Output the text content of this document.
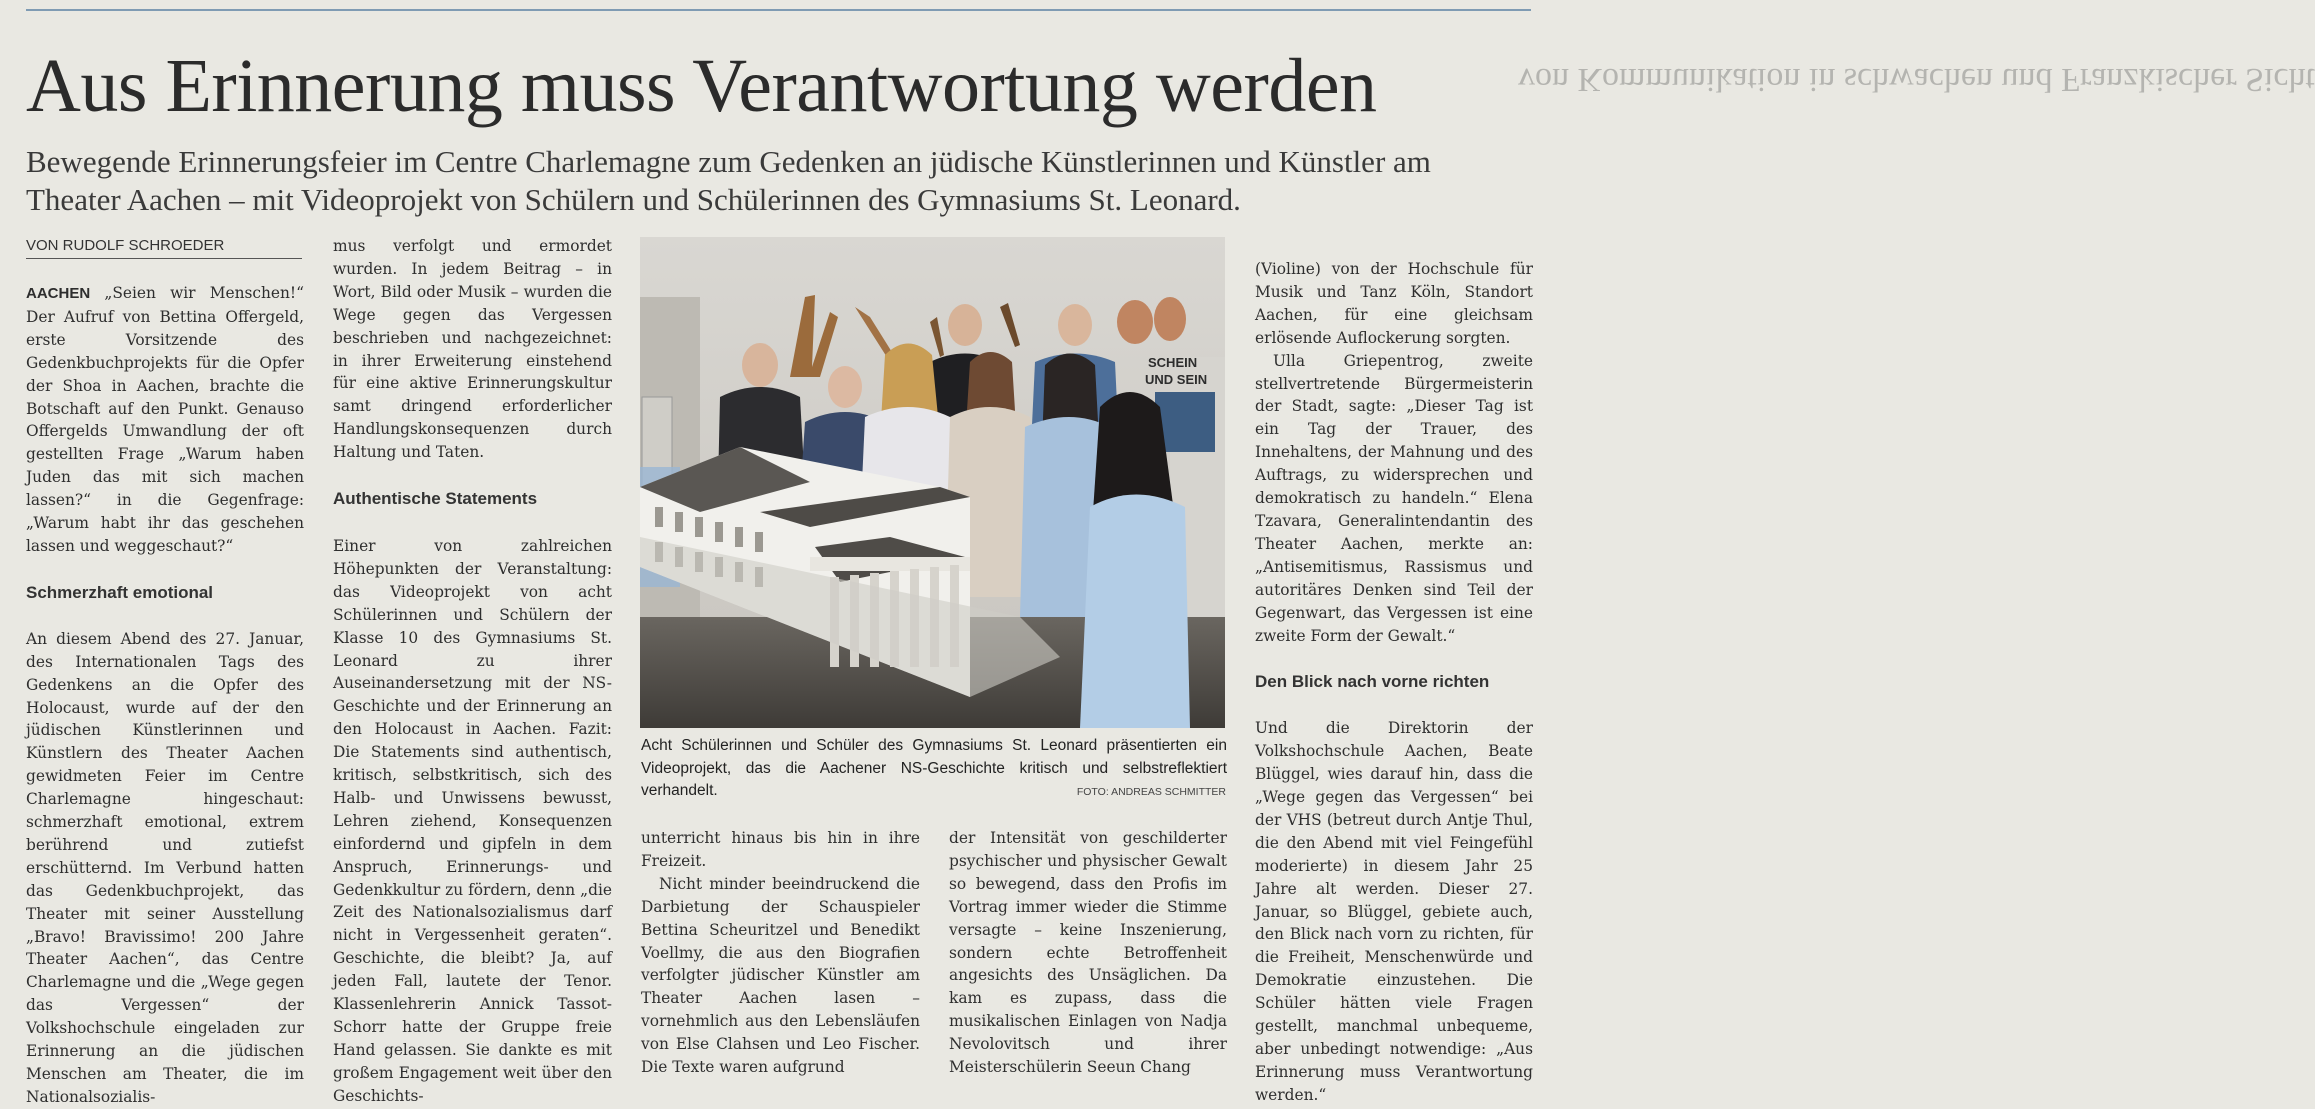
von Kommunikation in schwachen und Franzkischer Sicht
Aus Erinnerung muss Verantwortung werden
Bewegende Erinnerungsfeier im Centre Charlemagne zum Gedenken an jüdische Künstlerinnen und Künstler am Theater Aachen – mit Videoprojekt von Schülern und Schülerinnen des Gymnasiums St. Leonard.
VON RUDOLF SCHROEDER

AACHEN „Seien wir Menschen!“ Der Aufruf von Bettina Offergeld, erste Vorsitzende des Gedenkbuchprojekts für die Opfer der Shoa in Aachen, brachte die Botschaft auf den Punkt. Genauso Offergelds Umwandlung der oft gestellten Frage „Warum haben Juden das mit sich machen lassen?“ in die Gegenfrage: „Warum habt ihr das geschehen lassen und weggeschaut?“

Schmerzhaft emotional

An diesem Abend des 27. Januar, des Internationalen Tags des Gedenkens an die Opfer des Holocaust, wurde auf der den jüdischen Künstlerinnen und Künstlern des Theater Aachen gewidmeten Feier im Centre Charlemagne hingeschaut: schmerzhaft emotional, extrem berührend und zutiefst erschütternd. Im Verbund hatten das Gedenkbuchprojekt, das Theater mit seiner Ausstellung „Bravo! Bravissimo! 200 Jahre Theater Aachen“, das Centre Charlemagne und die „Wege gegen das Vergessen“ der Volkshochschule eingeladen zur Erinnerung an die jüdischen Menschen am Theater, die im Nationalsozialis-

mus verfolgt und ermordet wurden. In jedem Beitrag – in Wort, Bild oder Musik – wurden die Wege gegen das Vergessen beschrieben und nachgezeichnet: in ihrer Erweiterung einstehend für eine aktive Erinnerungskultur samt dringend erforderlicher Handlungskonsequenzen durch Haltung und Taten.

Authentische Statements

Einer von zahlreichen Höhepunkten der Veranstaltung: das Videoprojekt von acht Schülerinnen und Schülern der Klasse 10 des Gymnasiums St. Leonard zu ihrer Auseinandersetzung mit der NS-Geschichte und der Erinnerung an den Holocaust in Aachen. Fazit: Die Statements sind authentisch, kritisch, selbstkritisch, sich des Halb- und Unwissens bewusst, Lehren ziehend, Konsequenzen einfordernd und gipfeln in dem Anspruch, Erinnerungs- und Gedenkkultur zu fördern, denn „die Zeit des Nationalsozialismus darf nicht in Vergessenheit geraten“. Geschichte, die bleibt? Ja, auf jeden Fall, lautete der Tenor. Klassenlehrerin Annick Tassot-Schorr hatte der Gruppe freie Hand gelassen. Sie dankte es mit großem Engagement weit über den Geschichts-

SCHEIN
UND SEIN
Acht Schülerinnen und Schüler des Gymnasiums St. Leonard präsentierten ein Videoprojekt, das die Aachener NS-Geschichte kritisch und selbstreflektiert verhandelt.	FOTO: ANDREAS SCHMITTER

unterricht hinaus bis hin in ihre Freizeit.

Nicht minder beeindruckend die Darbietung der Schauspieler Bettina Scheuritzel und Benedikt Voellmy, die aus den Biografien verfolgter jüdischer Künstler am Theater Aachen lasen – vornehmlich aus den Lebensläufen von Else Clahsen und Leo Fischer. Die Texte waren aufgrund

der Intensität von geschilderter psychischer und physischer Gewalt so bewegend, dass den Profis im Vortrag immer wieder die Stimme versagte – keine Inszenierung, sondern echte Betroffenheit angesichts des Unsäglichen. Da kam es zupass, dass die musikalischen Einlagen von Nadja Nevolovitsch und ihrer Meisterschülerin Seeun Chang

(Violine) von der Hochschule für Musik und Tanz Köln, Standort Aachen, für eine gleichsam erlösende Auflockerung sorgten.

Ulla Griepentrog, zweite stellvertretende Bürgermeisterin der Stadt, sagte: „Dieser Tag ist ein Tag der Trauer, des Innehaltens, der Mahnung und des Auftrags, zu widersprechen und demokratisch zu handeln.“ Elena Tzavara, Generalintendantin des Theater Aachen, merkte an: „Antisemitismus, Rassismus und autoritäres Denken sind Teil der Gegenwart, das Vergessen ist eine zweite Form der Gewalt.“

Den Blick nach vorne richten

Und die Direktorin der Volkshochschule Aachen, Beate Blüggel, wies darauf hin, dass die „Wege gegen das Vergessen“ bei der VHS (betreut durch Antje Thul, die den Abend mit viel Feingefühl moderierte) in diesem Jahr 25 Jahre alt werden. Dieser 27. Januar, so Blüggel, gebiete auch, den Blick nach vorn zu richten, für die Freiheit, Menschenwürde und Demokratie einzustehen. Die Schüler hätten viele Fragen gestellt, manchmal unbequeme, aber unbedingt notwendige: „Aus Erinnerung muss Verantwortung werden.“
